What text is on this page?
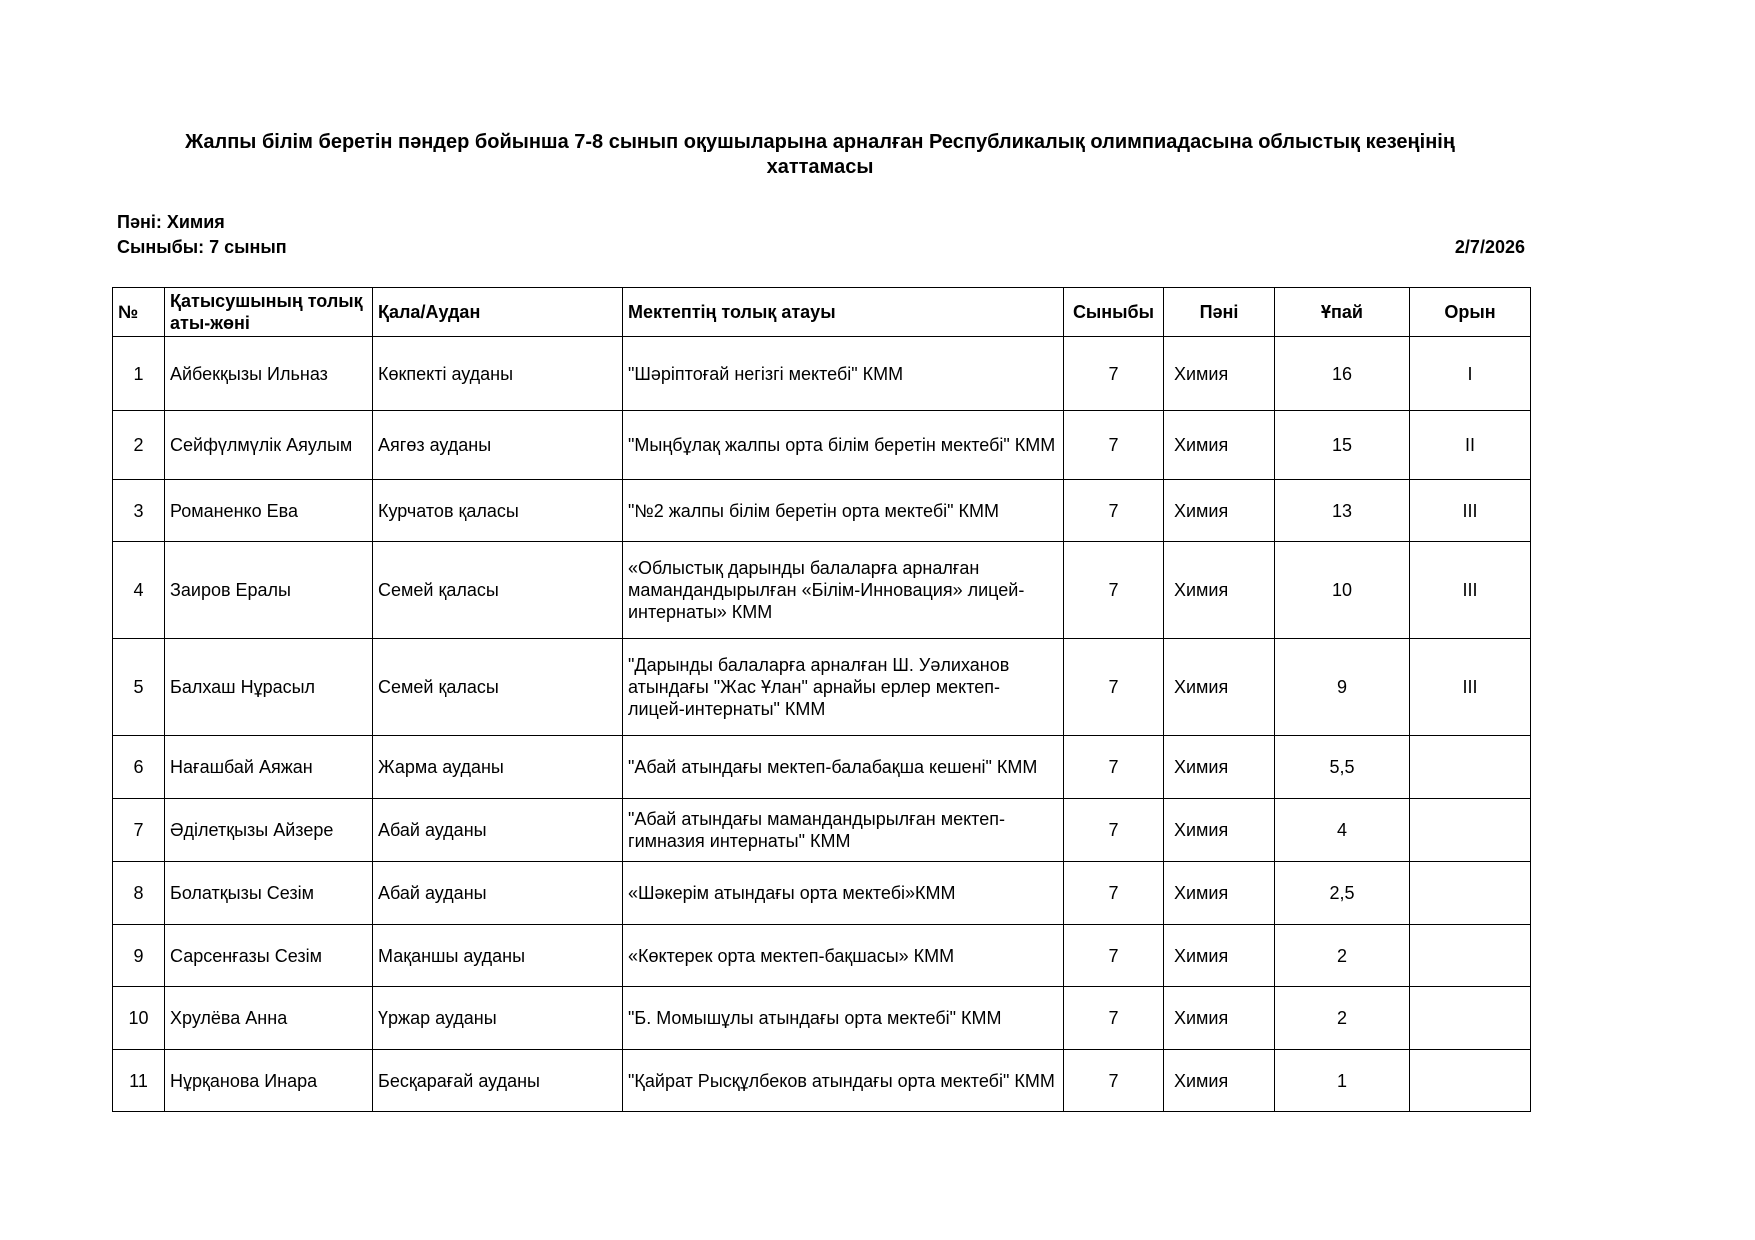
Жалпы білім беретін пәндер бойынша 7-8 сынып оқушыларына арналған Республикалық олимпиадасына облыстық кезеңінің хаттамасы
Пәні: Химия
Сыныбы: 7 сынып	2/7/2026
№	Қатысушының толық аты-жөні	Қала/Аудан	Мектептің толық атауы	Сыныбы	Пәні	Ұпай	Орын
1	Айбекқызы Ильназ	Көкпекті ауданы	"Шәріптоғай негізгі мектебі" КММ	7	Химия	16	I
2	Сейфүлмүлік Аяулым	Аягөз ауданы	"Мыңбұлақ жалпы орта білім беретін мектебі" КММ	7	Химия	15	II
3	Романенко Ева	Курчатов қаласы	"№2 жалпы білім беретін орта мектебі" КММ	7	Химия	13	III
4	Заиров Ералы	Семей қаласы	«Облыстық дарынды балаларға арналған мамандандырылған «Білім-Инновация» лицей-интернаты» КММ	7	Химия	10	III
5	Балхаш Нұрасыл	Семей қаласы	"Дарынды балаларға арналған Ш. Уәлиханов атындағы "Жас Ұлан" арнайы ерлер мектеп- лицей-интернаты" КММ	7	Химия	9	III
6	Нағашбай Аяжан	Жарма ауданы	"Абай атындағы мектеп-балабақша кешені" КММ	7	Химия	5,5	
7	Әділетқызы Айзере	Абай ауданы	"Абай атындағы мамандандырылған мектеп-гимназия интернаты" КММ	7	Химия	4	
8	Болатқызы Сезім	Абай ауданы	«Шәкерім атындағы орта мектебі»КММ	7	Химия	2,5	
9	Сарсенғазы Сезім	Мақаншы ауданы	«Көктерек орта мектеп-бақшасы» КММ	7	Химия	2	
10	Хрулёва Анна	Үржар ауданы	"Б. Момышұлы атындағы орта мектебі" КММ	7	Химия	2	
11	Нұрқанова Инара	Бесқарағай ауданы	"Қайрат Рысқұлбеков атындағы орта мектебі" КММ	7	Химия	1	
